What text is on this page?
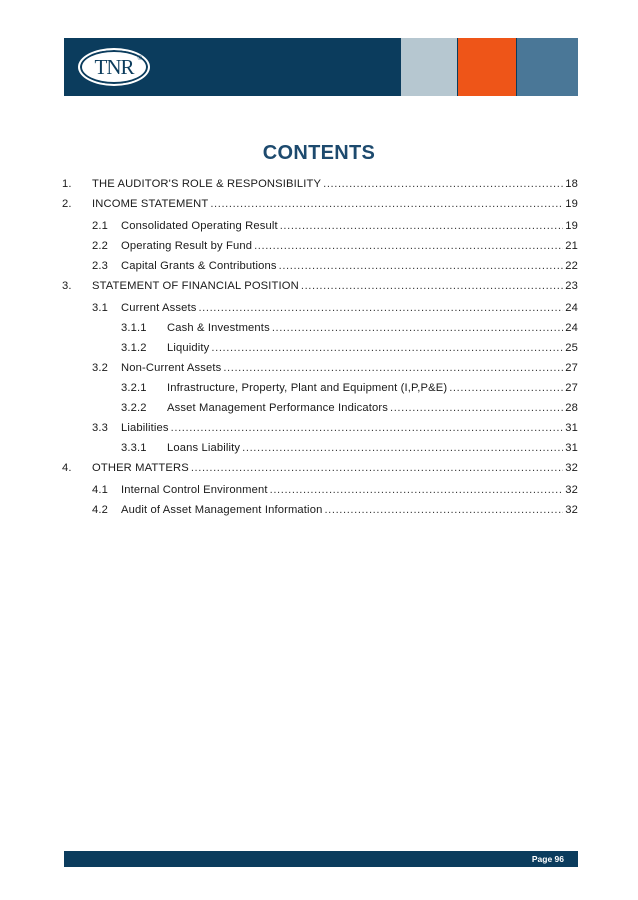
TNR ®
CONTENTS
1.	THE AUDITOR'S ROLE & RESPONSIBILITY .....	18
2.	INCOME STATEMENT .....	19
2.1	Consolidated Operating Result .....	19
2.2	Operating Result by Fund .....	21
2.3	Capital Grants & Contributions .....	22
3.	STATEMENT OF FINANCIAL POSITION .....	23
3.1	Current Assets .....	24
3.1.1	Cash & Investments .....	24
3.1.2	Liquidity .....	25
3.2	Non-Current Assets .....	27
3.2.1	Infrastructure, Property, Plant and Equipment (I,P,P&E) .....	27
3.2.2	Asset Management Performance Indicators .....	28
3.3	Liabilities .....	31
3.3.1	Loans Liability .....	31
4.	OTHER MATTERS .....	32
4.1	Internal Control Environment .....	32
4.2	Audit of Asset Management Information .....	32
Page 96
